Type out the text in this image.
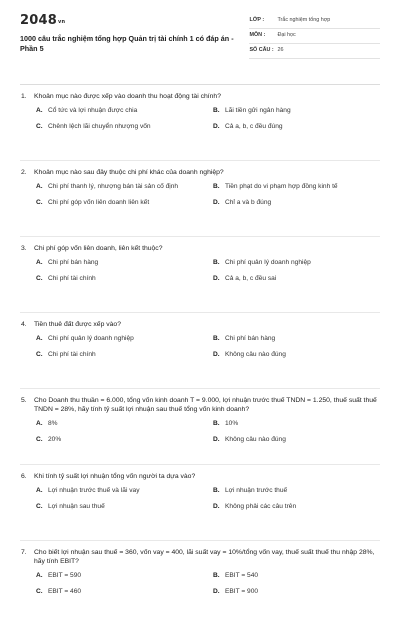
2048vn
1000 câu trắc nghiệm tổng hợp Quản trị tài chính 1 có đáp án - Phần 5
LỚP :	Trắc nghiệm tổng hợp
MÔN :	Đại học
SỐ CÂU : 26
1.	Khoản mục nào được xếp vào doanh thu hoạt động tài chính?
A. Cổ tức và lợi nhuận được chia	B. Lãi tiền gửi ngân hàng
C. Chênh lệch lãi chuyển nhượng vốn	D. Cả a, b, c đều đúng
2.	Khoản mục nào sau đây thuộc chi phí khác của doanh nghiệp?
A. Chi phí thanh lý, nhượng bán tài sản cố định	B. Tiền phạt do vi phạm hợp đồng kinh tế
C. Chi phí góp vốn liên doanh liên kết	D. Chỉ a và b đúng
3.	Chi phí góp vốn liên doanh, liên kết thuộc?
A. Chi phí bán hàng	B. Chi phí quản lý doanh nghiệp
C. Chi phí tài chính	D. Cả a, b, c đều sai
4.	Tiền thuê đất được xếp vào?
A. Chi phí quản lý doanh nghiệp	B. Chi phí bán hàng
C. Chi phí tài chính	D. Không câu nào đúng
5.	Cho Doanh thu thuần = 6.000, tổng vốn kinh doanh T = 9.000, lợi nhuận trước thuế TNDN = 1.250, thuế suất thuế TNDN = 28%, hãy tính tỷ suất lợi nhuận sau thuế tổng vốn kinh doanh?
A. 8%	B. 10%
C. 20%	D. Không câu nào đúng
6.	Khi tính tỷ suất lợi nhuận tổng vốn người ta dựa vào?
A. Lợi nhuận trước thuế và lãi vay	B. Lợi nhuận trước thuế
C. Lợi nhuận sau thuế	D. Không phải các câu trên
7.	Cho biết lợi nhuận sau thuế = 360, vốn vay = 400, lãi suất vay = 10%/tổng vốn vay, thuế suất thuế thu nhập 28%, hãy tính EBIT?
A. EBIT = 590	B. EBIT = 540
C. EBIT = 460	D. EBIT = 900
